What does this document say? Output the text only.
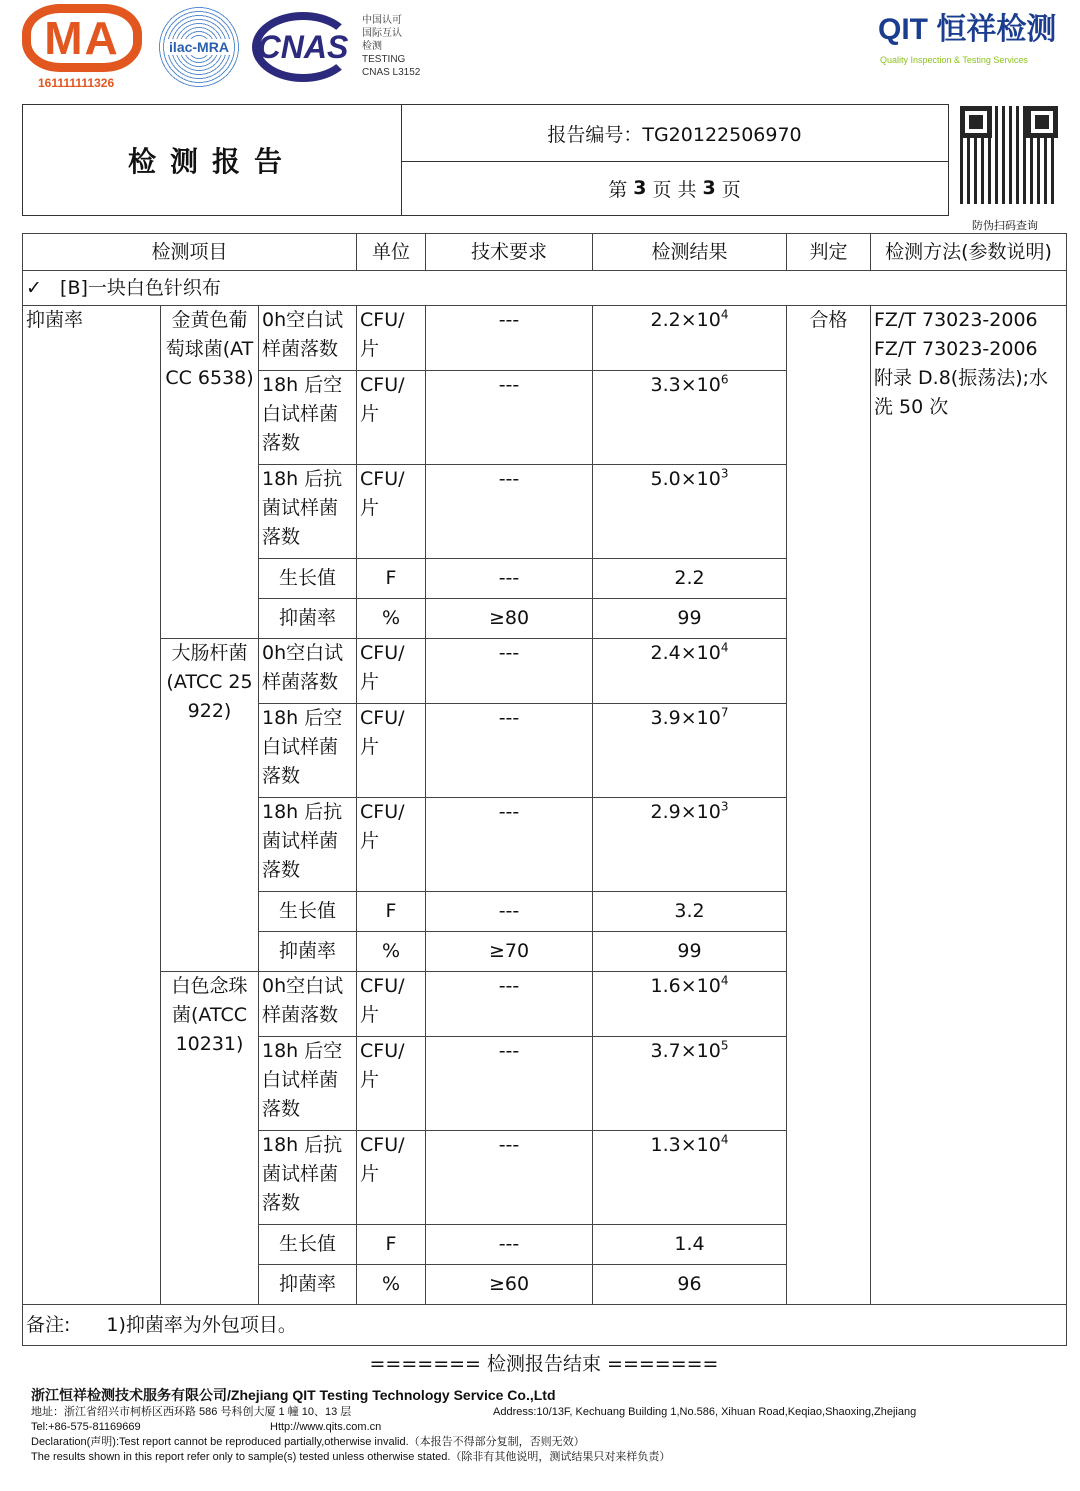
MA
161111111326
ilac-MRA CNAS
中国认可
国际互认
检测
TESTING
CNAS L3152
QIT 恒祥检测
Quality Inspection & Testing Services
检测报告
报告编号：TG20122506970
第 3 页 共 3 页
防伪扫码查询
检测项目			单位	技术要求	检测结果	判定	检测方法(参数说明)
✓   [B]一块白色针织布							
抑菌率	金黄色葡萄球菌(ATCC 6538)	0h空白试样菌落数	CFU/片	---	$2.2\times 10^4$	合格	FZ/T 73023-2006
FZ/T 73023-2006
附录 D.8(振荡法);水洗 50 次

		18h 后空白试样菌落数	CFU/片	---	$3.3\times 10^6$
		18h 后抗菌试样菌落数	CFU/片	---	$5.0\times 10^3$
		生长值	F	---	2.2		
		抑菌率	%	≥80	99		
	大肠杆菌(ATCC 25922)	0h空白试样菌落数	CFU/片	---	$2.4\times 10^4$
		18h 后空白试样菌落数	CFU/片	---	$3.9\times 10^7$
		18h 后抗菌试样菌落数	CFU/片	---	$2.9\times 10^3$
		生长值	F	---	3.2		
		抑菌率	%	≥70	99		
	白色念珠菌(ATCC 10231)	0h空白试样菌落数	CFU/片	---	$1.6\times 10^4$
		18h 后空白试样菌落数	CFU/片	---	$3.7\times 10^5$
		18h 后抗菌试样菌落数	CFU/片	---	$1.3\times 10^4$
		生长值	F	---	1.4		
		抑菌率	%	≥60	96		
备注: 1)抑菌率为外包项目。							
======= 检测报告结束 =======
浙江恒祥检测技术服务有限公司/Zhejiang QIT Testing Technology Service Co.,Ltd
地址：浙江省绍兴市柯桥区西环路 586 号科创大厦 1 幢 10、13 层	Address:10/13F, Kechuang Building 1,No.586, Xihuan Road,Keqiao,Shaoxing,Zhejiang
Tel:+86-575-81169669	Http://www.qits.com.cn
Declaration(声明):Test report cannot be reproduced partially,otherwise invalid.（本报告不得部分复制，否则无效）
The results shown in this report refer only to sample(s) tested unless otherwise stated.（除非有其他说明，测试结果只对来样负责）
